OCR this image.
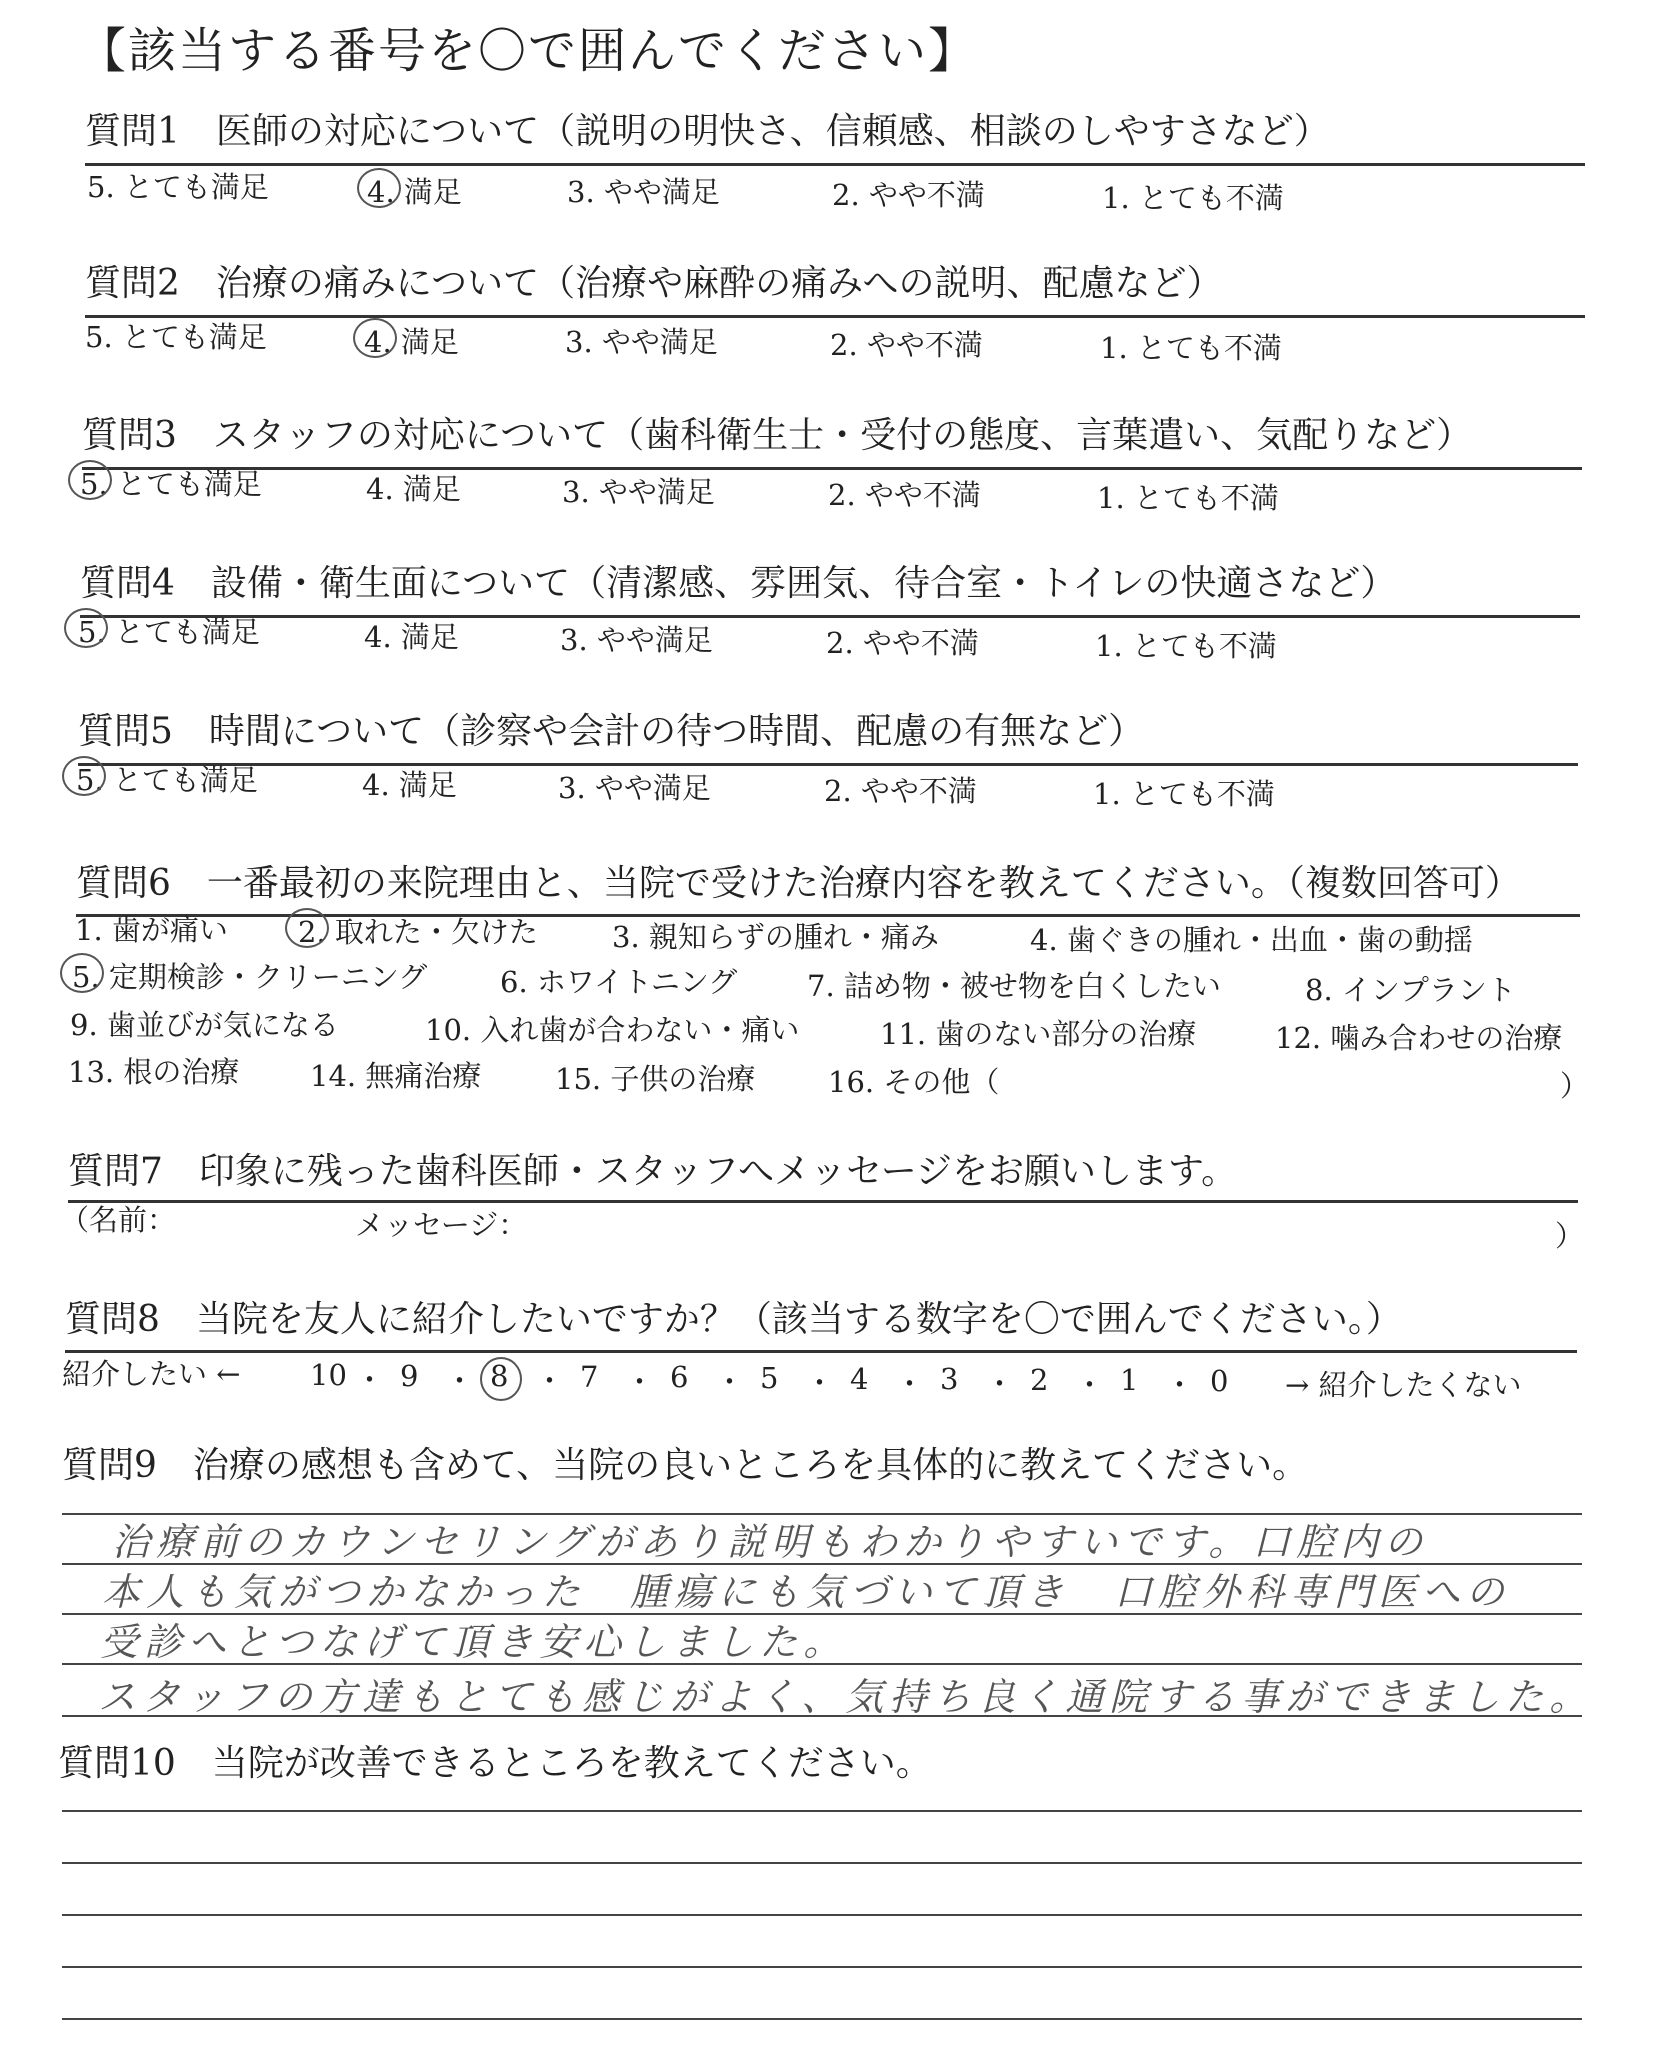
【該当する番号を〇で囲んでください】
質問1　医師の対応について（説明の明快さ、信頼感、相談のしやすさなど）
5. とても満足	4. 満足	3. やや満足	2. やや不満	1. とても不満
質問2　治療の痛みについて（治療や麻酔の痛みへの説明、配慮など）
5. とても満足	4. 満足	3. やや満足	2. やや不満	1. とても不満
質問3　スタッフの対応について（歯科衛生士・受付の態度、言葉遣い、気配りなど）
5. とても満足	4. 満足	3. やや満足	2. やや不満	1. とても不満
質問4　設備・衛生面について（清潔感、雰囲気、待合室・トイレの快適さなど）
5. とても満足	4. 満足	3. やや満足	2. やや不満	1. とても不満
質問5　時間について（診察や会計の待つ時間、配慮の有無など）
5. とても満足	4. 満足	3. やや満足	2. やや不満	1. とても不満
質問6　一番最初の来院理由と、当院で受けた治療内容を教えてください。（複数回答可）
1. 歯が痛い 2. 取れた・欠けた	3. 親知らずの腫れ・痛み	4. 歯ぐきの腫れ・出血・歯の動揺
5. 定期検診・クリーニング	6. ホワイトニング 7. 詰め物・被せ物を白くしたい	8. インプラント
9. 歯並びが気になる	10. 入れ歯が合わない・痛い	11. 歯のない部分の治療	12. 噛み合わせの治療
13. 根の治療 14. 無痛治療	15. 子供の治療	16. その他（	）
質問7　印象に残った歯科医師・スタッフへメッセージをお願いします。
（名前：	メッセージ：	）
質問8　当院を友人に紹介したいですか？（該当する数字を〇で囲んでください。）
紹介したい ← 10 ・ 9 ・ 8 ・ 7 ・ 6 ・ 5 ・ 4 ・ 3 ・ 2 ・ 1 ・ 0 → 紹介したくない
質問9　治療の感想も含めて、当院の良いところを具体的に教えてください。
治療前のカウンセリングがあり説明もわかりやすいです。口腔内の
本人も気がつかなかった　腫瘍にも気づいて頂き　口腔外科専門医への
受診へとつなげて頂き安心しました。
スタッフの方達もとても感じがよく、気持ち良く通院する事ができました。
質問10　当院が改善できるところを教えてください。
